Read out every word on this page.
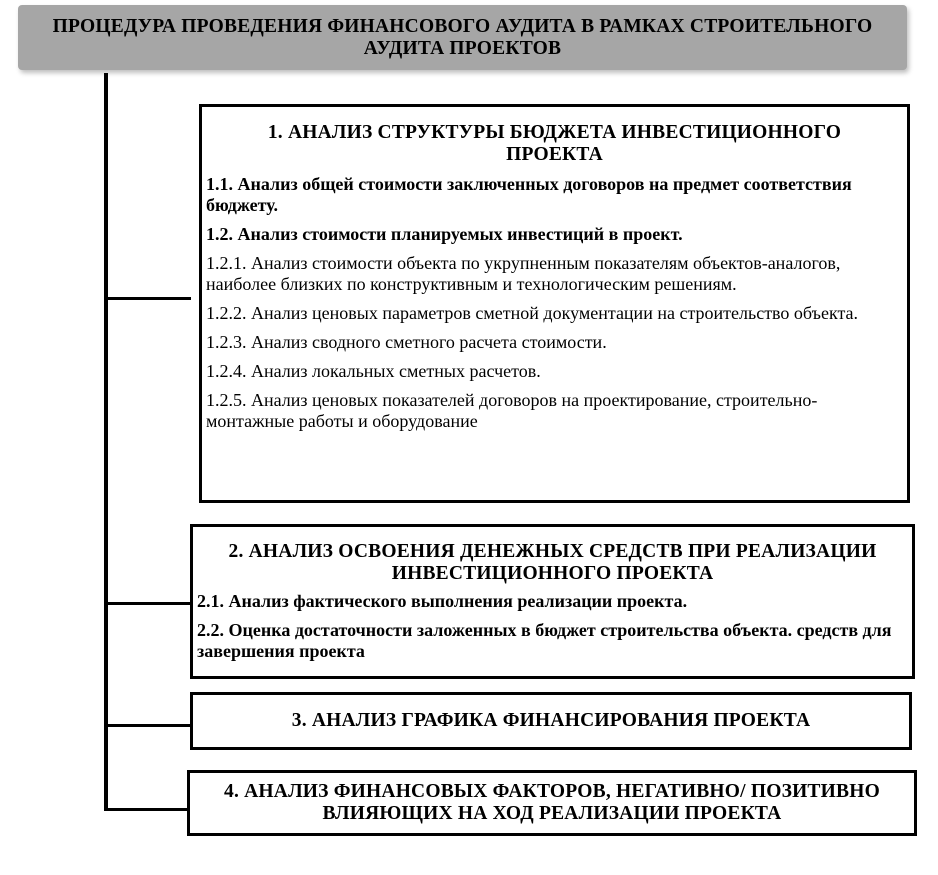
ПРОЦЕДУРА ПРОВЕДЕНИЯ ФИНАНСОВОГО АУДИТА В РАМКАХ СТРОИТЕЛЬНОГО АУДИТА ПРОЕКТОВ
1. АНАЛИЗ СТРУКТУРЫ БЮДЖЕТА ИНВЕСТИЦИОННОГО ПРОЕКТА
1.1. Анализ общей стоимости заключенных договоров на предмет соответствия бюджету.
1.2. Анализ стоимости планируемых инвестиций в проект.
1.2.1. Анализ стоимости объекта по укрупненным показателям объектов-аналогов, наиболее близких по конструктивным и технологическим решениям.
1.2.2. Анализ ценовых параметров сметной документации на строительство объекта.
1.2.3. Анализ сводного сметного расчета стоимости.
1.2.4. Анализ локальных сметных расчетов.
1.2.5. Анализ ценовых показателей договоров на проектирование, строительно-монтажные работы и оборудование
2. АНАЛИЗ ОСВОЕНИЯ ДЕНЕЖНЫХ СРЕДСТВ ПРИ РЕАЛИЗАЦИИ ИНВЕСТИЦИОННОГО ПРОЕКТА
2.1. Анализ фактического выполнения реализации проекта.
2.2. Оценка достаточности заложенных в бюджет строительства объекта. средств для завершения проекта
3. АНАЛИЗ ГРАФИКА ФИНАНСИРОВАНИЯ ПРОЕКТА
4. АНАЛИЗ ФИНАНСОВЫХ ФАКТОРОВ, НЕГАТИВНО/ ПОЗИТИВНО ВЛИЯЮЩИХ НА ХОД РЕАЛИЗАЦИИ ПРОЕКТА
